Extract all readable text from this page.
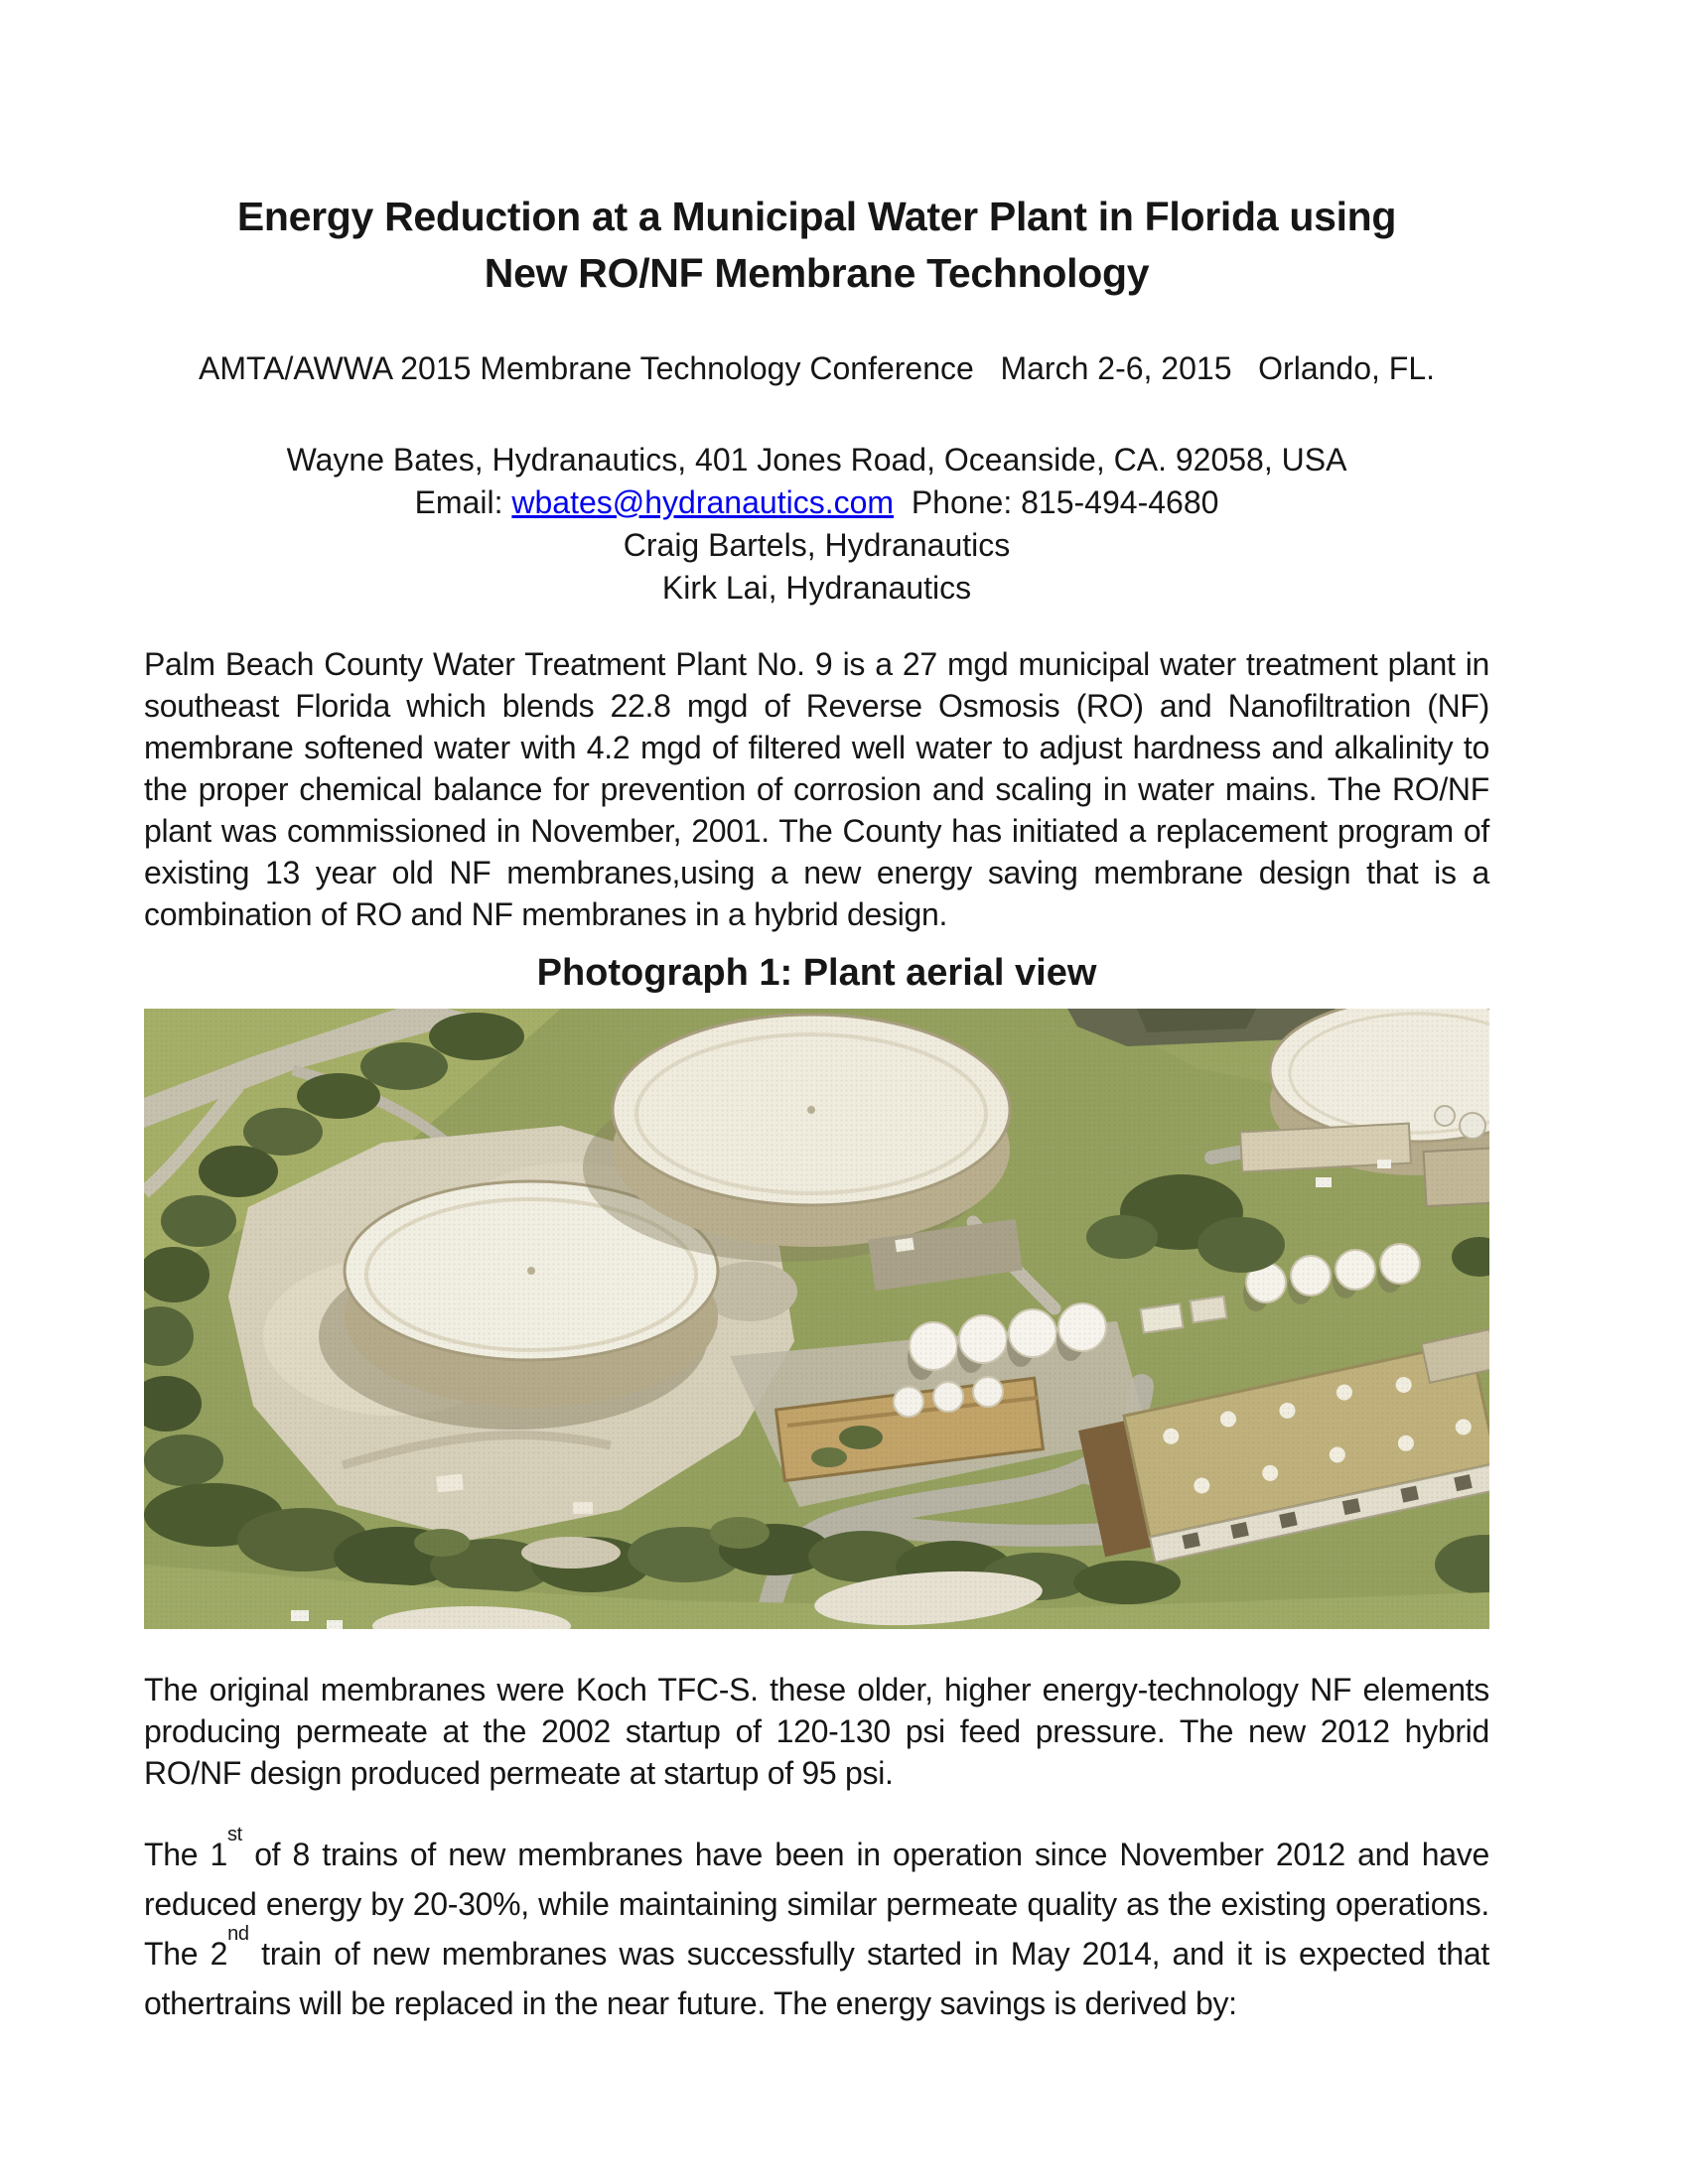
Energy Reduction at a Municipal Water Plant in Florida using
New RO/NF Membrane Technology
AMTA/AWWA 2015 Membrane Technology Conference   March 2-6, 2015   Orlando, FL.
Wayne Bates, Hydranautics, 401 Jones Road, Oceanside, CA. 92058, USA
Email: wbates@hydranautics.com  Phone: 815-494-4680
Craig Bartels, Hydranautics
Kirk Lai, Hydranautics

Palm Beach County Water Treatment Plant No. 9 is a 27 mgd municipal water treatment plant in southeast Florida which blends 22.8 mgd of Reverse Osmosis (RO) and Nanofiltration (NF) membrane softened water with 4.2 mgd of filtered well water to adjust hardness and alkalinity to the proper chemical balance for prevention of corrosion and scaling in water mains. The RO/NF plant was commissioned in November, 2001. The County has initiated a replacement program of existing 13 year old NF membranes,using a new energy saving membrane design that is a combination of RO and NF membranes in a hybrid design.

Photograph 1: Plant aerial view

The original membranes were Koch TFC-S. these older, higher energy-technology NF elements producing permeate at the 2002 startup of 120-130 psi feed pressure. The new 2012 hybrid RO/NF design produced permeate at startup of 95 psi.

The 1st of 8 trains of new membranes have been in operation since November 2012 and have reduced energy by 20-30%, while maintaining similar permeate quality as the existing operations. The 2nd train of new membranes was successfully started in May 2014, and it is expected that othertrains will be replaced in the near future. The energy savings is derived by:
